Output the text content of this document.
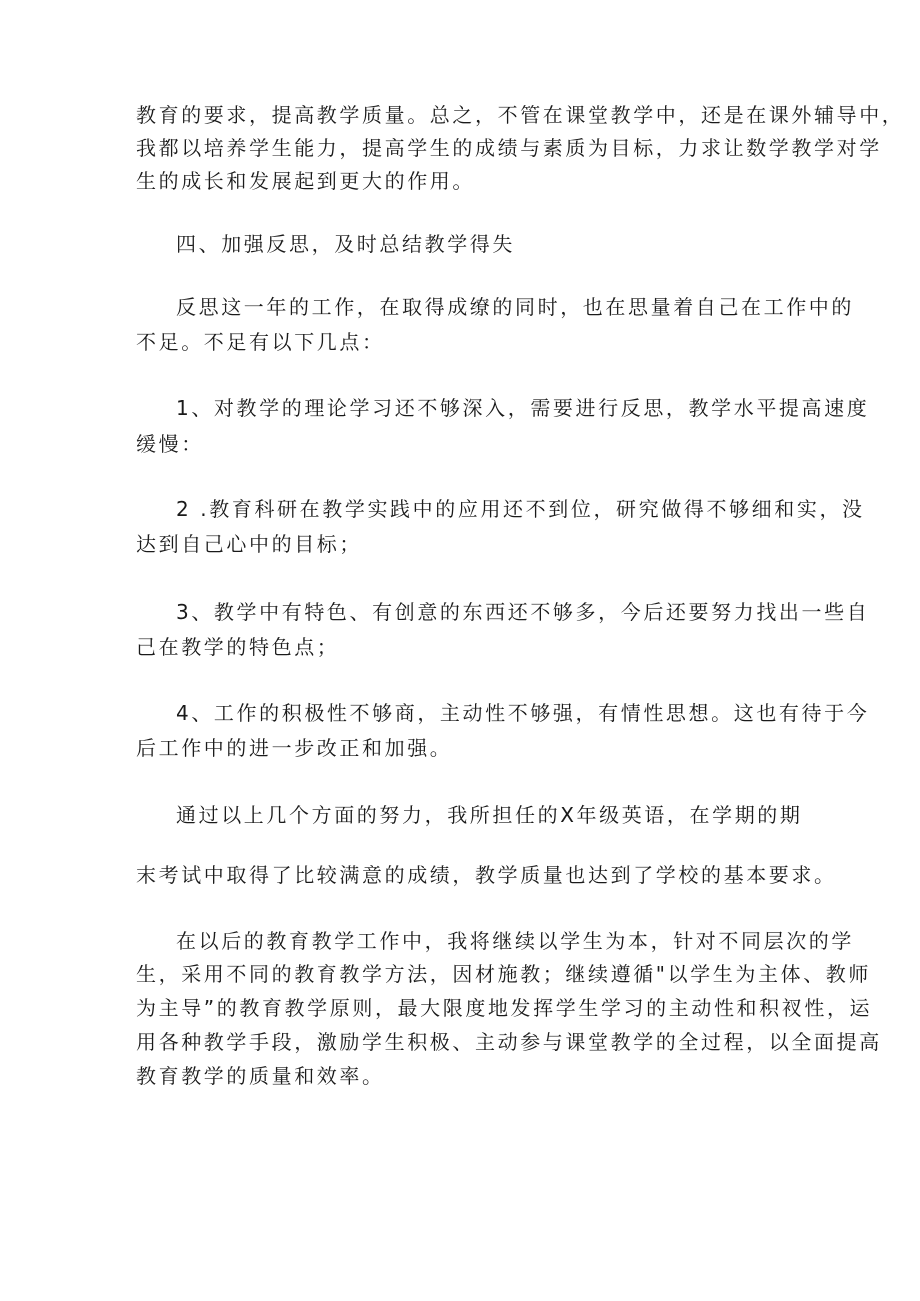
教育的要求，提高教学质量。总之，不管在课堂教学中，还是在课外辅导中，
我都以培养学生能力，提高学生的成绩与素质为目标，力求让数学教学对学
生的成长和发展起到更大的作用。
四、加强反思，及时总结教学得失
反思这一年的工作，在取得成缭的同时，也在思量着自己在工作中的
不足。不足有以下几点：
1、对教学的理论学习还不够深入，需要进行反思，教学水平提高速度
缓慢：
2 .教育科研在教学实践中的应用还不到位，研究做得不够细和实，没
达到自己心中的目标；
3、教学中有特色、有创意的东西还不够多，今后还要努力找出一些自
己在教学的特色点；
4、工作的积极性不够商，主动性不够强，有情性思想。这也有待于今
后工作中的进一步改正和加强。
通过以上几个方面的努力，我所担任的X年级英语，在学期的期
末考试中取得了比较满意的成绩，教学质量也达到了学校的基本要求。
在以后的教育教学工作中，我将继续以学生为本，针对不同层次的学
生，采用不同的教育教学方法，因材施教；继续遵循"以学生为主体、教师
为主导”的教育教学原则，最大限度地发挥学生学习的主动性和积衩性，运
用各种教学手段，激励学生积极、主动参与课堂教学的全过程，以全面提高
教育教学的质量和效率。
